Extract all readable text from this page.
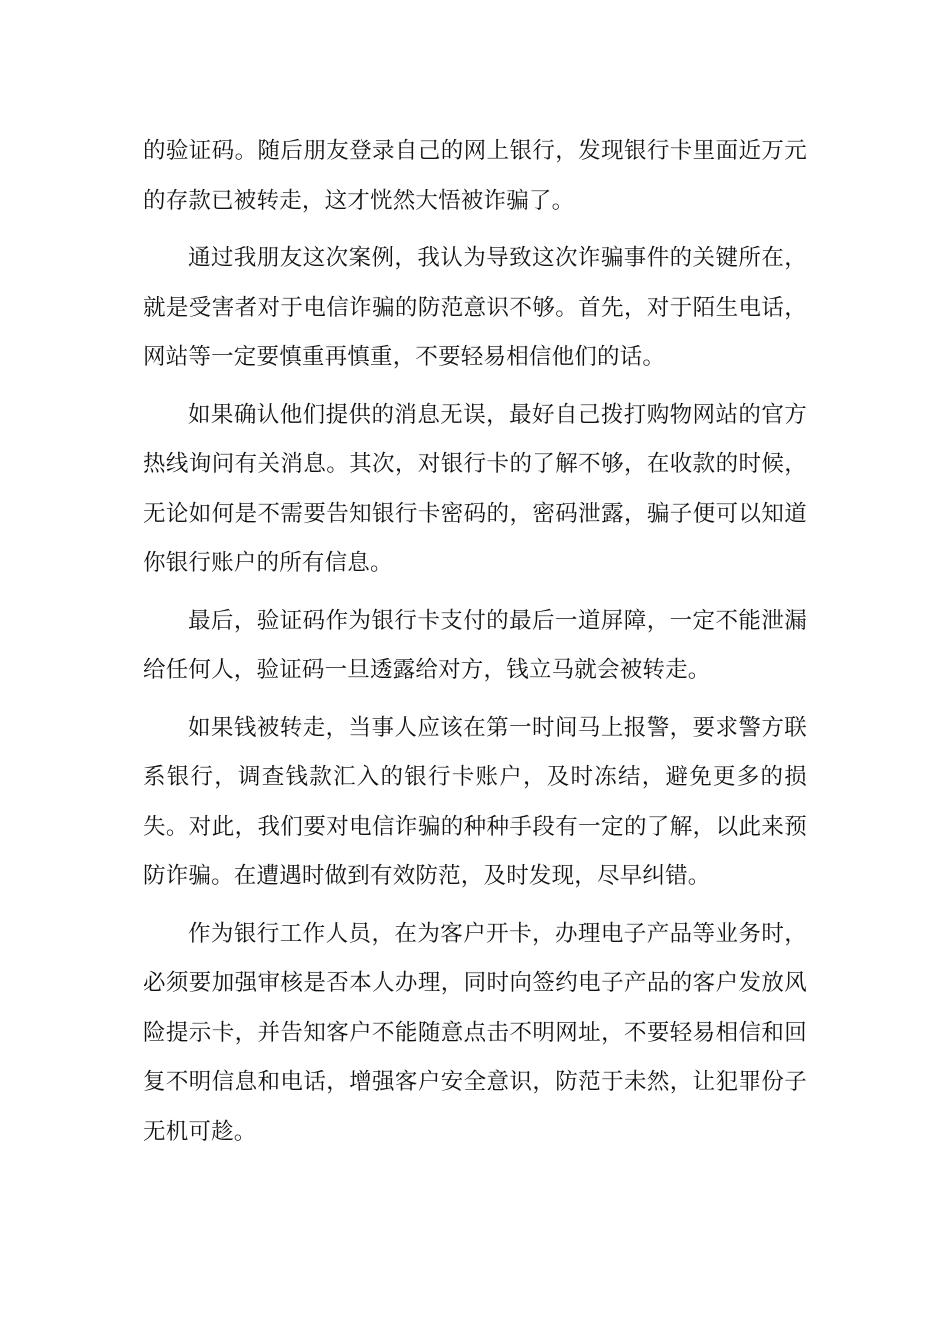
的验证码。随后朋友登录自己的网上银行，发现银行卡里面近万元的存款已被转走，这才恍然大悟被诈骗了。

通过我朋友这次案例，我认为导致这次诈骗事件的关键所在，就是受害者对于电信诈骗的防范意识不够。首先，对于陌生电话，网站等一定要慎重再慎重，不要轻易相信他们的话。

如果确认他们提供的消息无误，最好自己拨打购物网站的官方热线询问有关消息。其次，对银行卡的了解不够，在收款的时候，无论如何是不需要告知银行卡密码的，密码泄露，骗子便可以知道你银行账户的所有信息。

最后，验证码作为银行卡支付的最后一道屏障，一定不能泄漏给任何人，验证码一旦透露给对方，钱立马就会被转走。

如果钱被转走，当事人应该在第一时间马上报警，要求警方联系银行，调查钱款汇入的银行卡账户，及时冻结，避免更多的损失。对此，我们要对电信诈骗的种种手段有一定的了解，以此来预防诈骗。在遭遇时做到有效防范，及时发现，尽早纠错。

作为银行工作人员，在为客户开卡，办理电子产品等业务时，必须要加强审核是否本人办理，同时向签约电子产品的客户发放风险提示卡，并告知客户不能随意点击不明网址，不要轻易相信和回复不明信息和电话，增强客户安全意识，防范于未然，让犯罪份子无机可趁。
